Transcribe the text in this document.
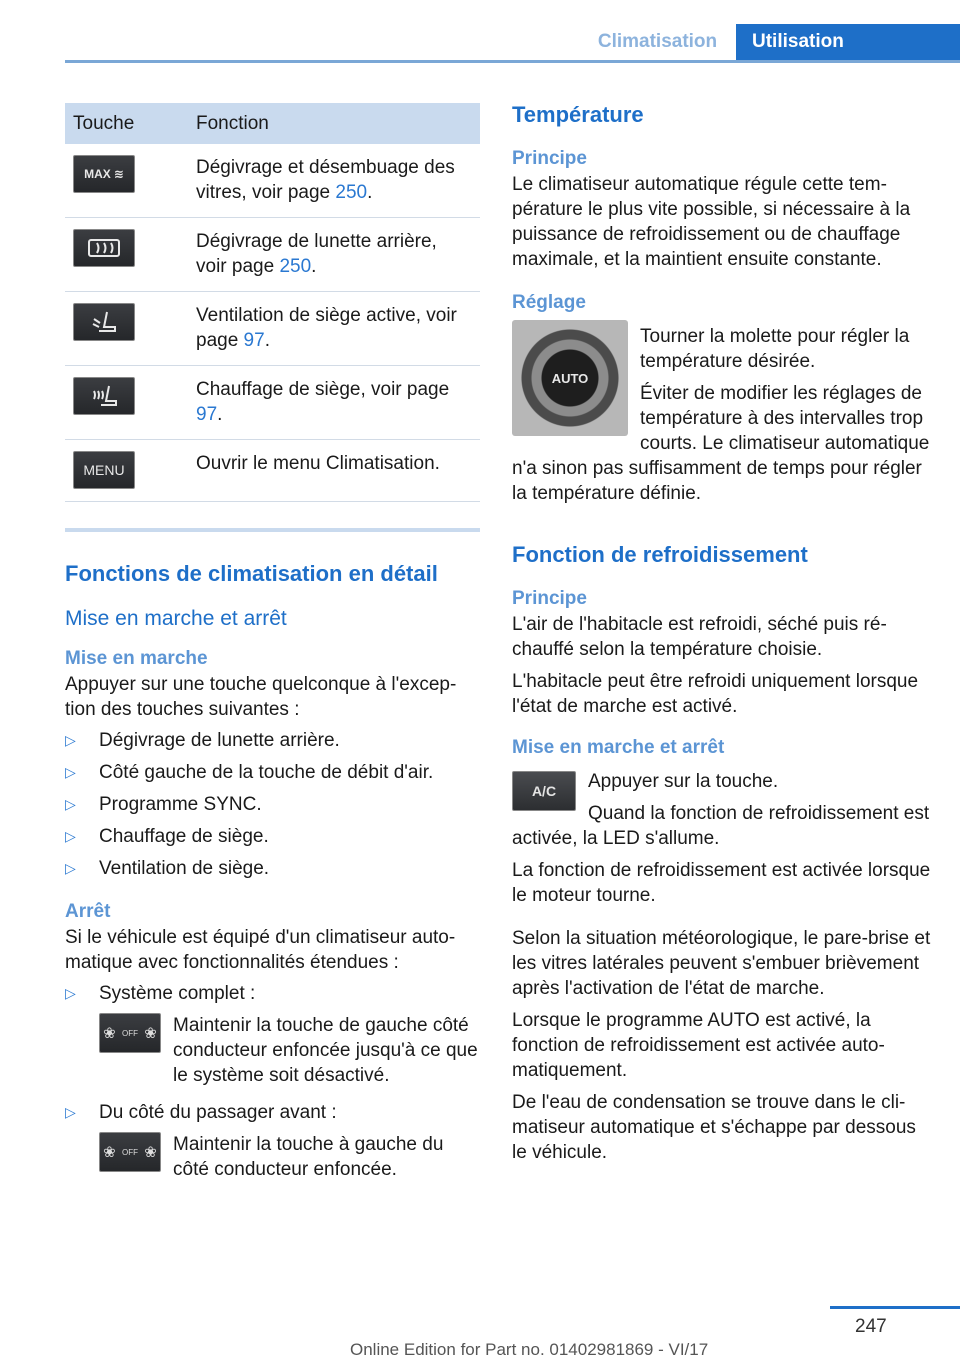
Climatisation	Utilisation
Touche	Fonction

MAX ≋	Dégivrage et désembuage des vitres, voir page 250.

	Dégivrage de lunette arrière, voir page 250.

	Ventilation de siège active, voir page 97.

	Chauffage de siège, voir page 97.

MENU	Ouvrir le menu Climatisation.
Fonctions de climatisation en détail
Mise en marche et arrêt
Mise en marche

Appuyer sur une touche quelconque à l'exception des touches suivantes :

▷ Dégivrage de lunette arrière.
▷ Côté gauche de la touche de débit d'air.
▷ Programme SYNC.
▷ Chauffage de siège.
▷ Ventilation de siège.
Arrêt

Si le véhicule est équipé d'un climatiseur automatique avec fonctionnalités étendues :

▷ Système complet :
❀ OFF ❀ Maintenir la touche de gauche côté conducteur enfoncée jusqu'à ce que le système soit désactivé.
▷ Du côté du passager avant :
❀ OFF ❀ Maintenir la touche à gauche du côté conducteur enfoncée.
Température
Principe

Le climatiseur automatique régule cette température le plus vite possible, si nécessaire à la puissance de refroidissement ou de chauffage maximale, et la maintient ensuite constante.

Réglage
AUTO

Tourner la molette pour régler la température désirée.

Éviter de modifier les réglages de température à des intervalles trop courts. Le climatiseur automatique n'a sinon pas suffisamment de temps pour régler la température définie.

Fonction de refroidissement
Principe

L'air de l'habitacle est refroidi, séché puis réchauffé selon la température choisie.

L'habitacle peut être refroidi uniquement lorsque l'état de marche est activé.

Mise en marche et arrêt
A/C	Appuyer sur la touche.

Quand la fonction de refroidissement est activée, la LED s'allume.

La fonction de refroidissement est activée lorsque le moteur tourne.

Selon la situation météorologique, le pare-brise et les vitres latérales peuvent s'embuer brièvement après l'activation de l'état de marche.

Lorsque le programme AUTO est activé, la fonction de refroidissement est activée automatiquement.

De l'eau de condensation se trouve dans le climatiseur automatique et s'échappe par dessous le véhicule.

247
Online Edition for Part no. 01402981869 - VI/17
